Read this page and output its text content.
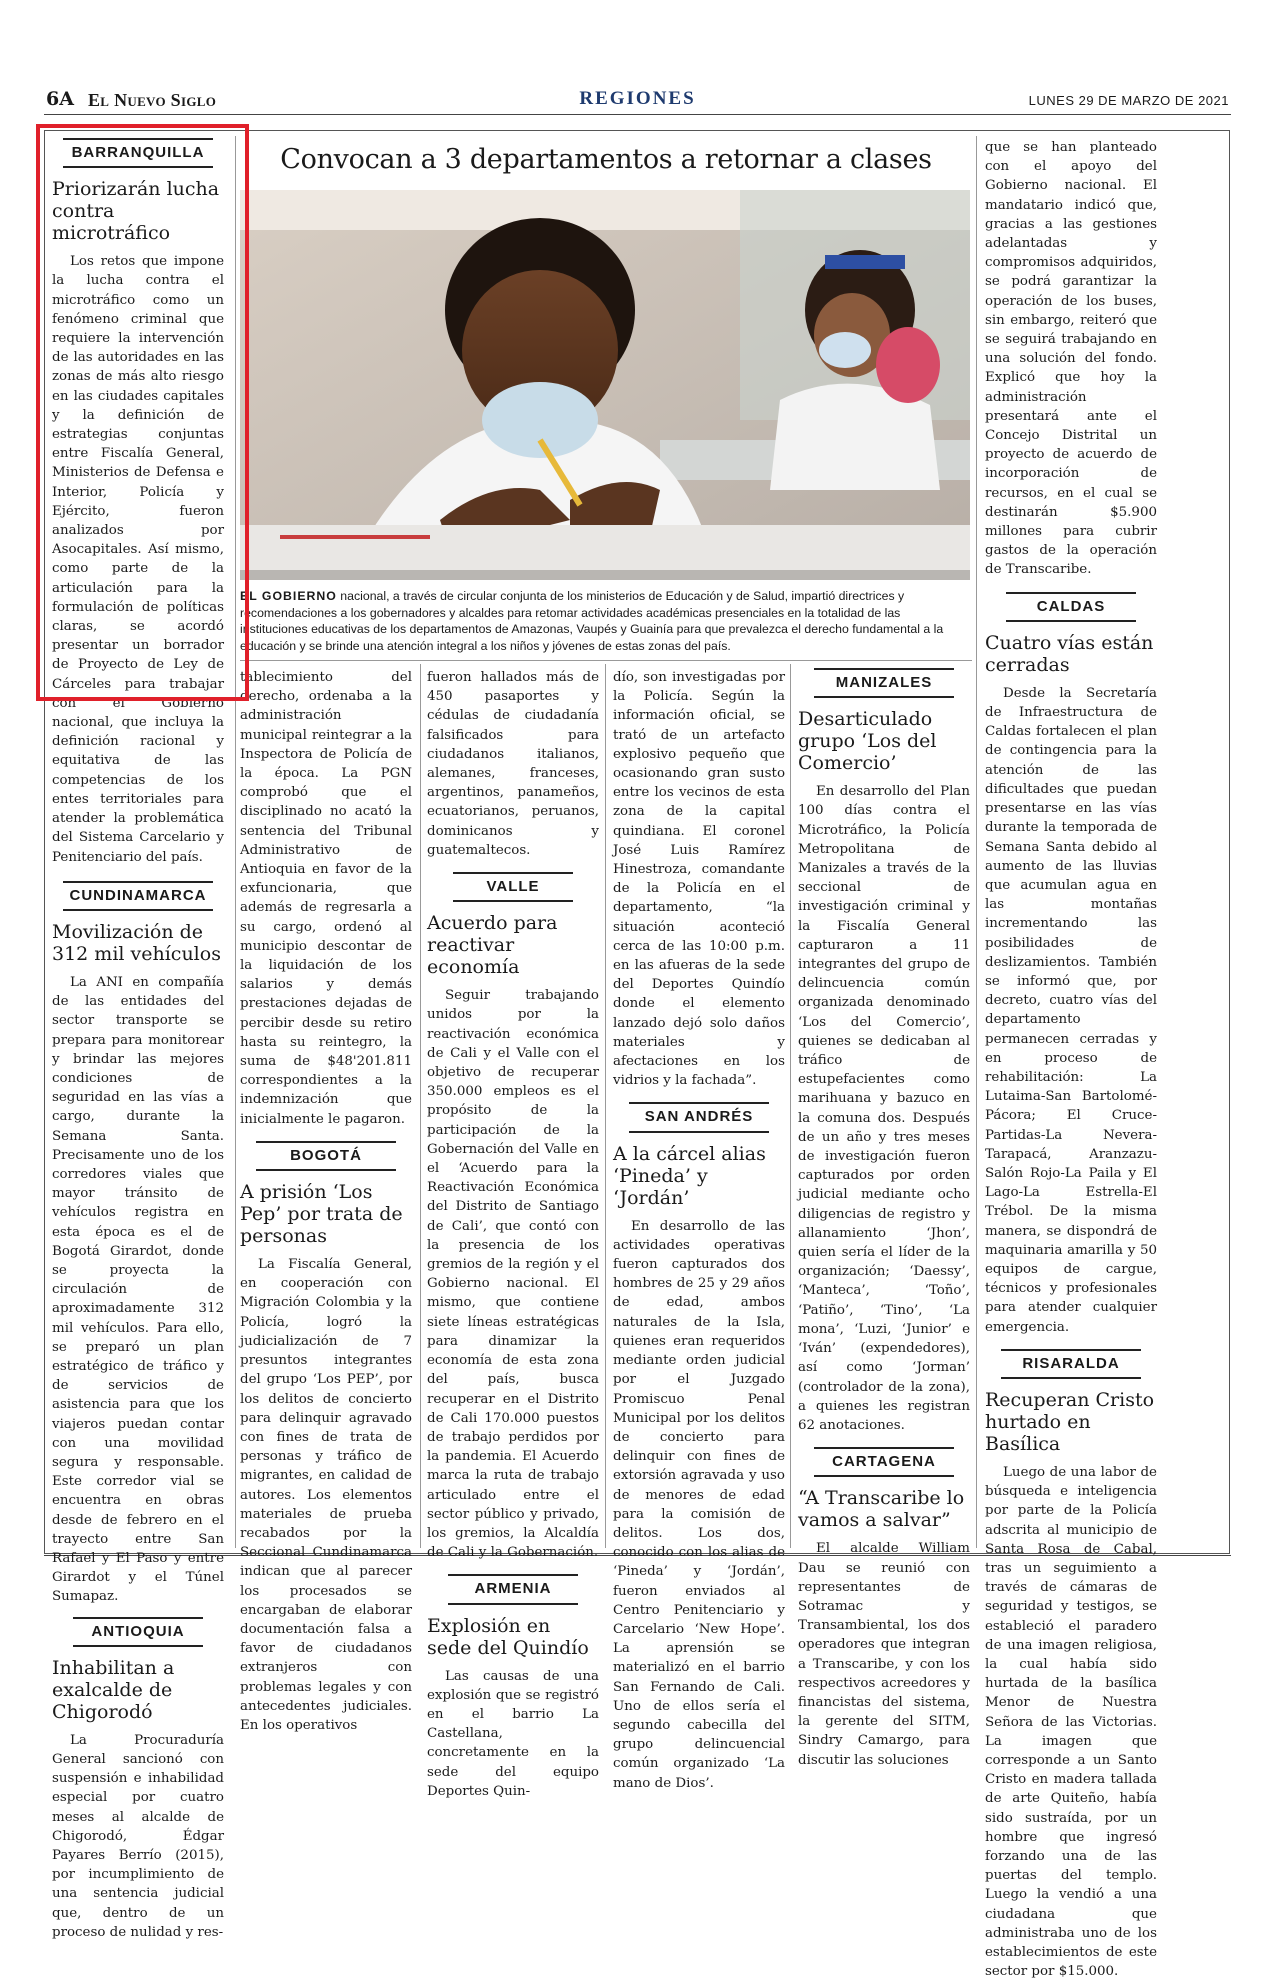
6A El Nuevo Siglo	REGIONES	LUNES 29 DE MARZO DE 2021
Convocan a 3 departamentos a retornar a clases
EL GOBIERNO nacional, a través de circular conjunta de los ministerios de Educación y de Salud, impartió directrices y recomendaciones a los gobernadores y alcaldes para retomar actividades académicas presenciales en la totalidad de las instituciones educativas de los departamentos de Amazonas, Vaupés y Guainía para que prevalezca el derecho fundamental a la educación y se brinde una atención integral a los niños y jóvenes de estas zonas del país.
BARRANQUILLA
Priorizarán lucha contra microtráfico

Los retos que impone la lucha contra el microtráfico como un fenómeno criminal que requiere la intervención de las autoridades en las zonas de más alto riesgo en las ciudades capitales y la definición de estrategias conjuntas entre Fiscalía General, Ministerios de Defensa e Interior, Policía y Ejército, fueron analizados por Asocapitales. Así mismo, como parte de la articulación para la formulación de políticas claras, se acordó presentar un borrador de Proyecto de Ley de Cárceles para trabajar con el Gobierno nacional, que incluya la definición racional y equitativa de las competencias de los entes territoriales para atender la problemática del Sistema Carcelario y Penitenciario del país.

CUNDINAMARCA
Movilización de 312 mil vehículos

La ANI en compañía de las entidades del sector transporte se prepara para monitorear y brindar las mejores condiciones de seguridad en las vías a cargo, durante la Semana Santa. Precisamente uno de los corredores viales que mayor tránsito de vehículos registra en esta época es el de Bogotá Girardot, donde se proyecta la circulación de aproximadamente 312 mil vehículos. Para ello, se preparó un plan estratégico de tráfico y de servicios de asistencia para que los viajeros puedan contar con una movilidad segura y responsable. Este corredor vial se encuentra en obras desde de febrero en el trayecto entre San Rafael y El Paso y entre Girardot y el Túnel Sumapaz.

ANTIOQUIA
Inhabilitan a exalcalde de Chigorodó

La Procuraduría General sancionó con suspensión e inhabilidad especial por cuatro meses al alcalde de Chigorodó, Édgar Payares Berrío (2015), por incumplimiento de una sentencia judicial que, dentro de un proceso de nulidad y res-

tablecimiento del derecho, ordenaba a la administración municipal reintegrar a la Inspectora de Policía de la época. La PGN comprobó que el disciplinado no acató la sentencia del Tribunal Administrativo de Antioquia en favor de la exfuncionaria, que además de regresarla a su cargo, ordenó al municipio descontar de la liquidación de los salarios y demás prestaciones dejadas de percibir desde su retiro hasta su reintegro, la suma de $48'201.811 correspondientes a la indemnización que inicialmente le pagaron.

BOGOTÁ
A prisión ‘Los Pep’ por trata de personas

La Fiscalía General, en cooperación con Migración Colombia y la Policía, logró la judicialización de 7 presuntos integrantes del grupo ‘Los PEP’, por los delitos de concierto para delinquir agravado con fines de trata de personas y tráfico de migrantes, en calidad de autores. Los elementos materiales de prueba recabados por la Seccional Cundinamarca indican que al parecer los procesados se encargaban de elaborar documentación falsa a favor de ciudadanos extranjeros con problemas legales y con antecedentes judiciales. En los operativos

fueron hallados más de 450 pasaportes y cédulas de ciudadanía falsificados para ciudadanos italianos, alemanes, franceses, argentinos, panameños, ecuatorianos, peruanos, dominicanos y guatemaltecos.

VALLE
Acuerdo para reactivar economía

Seguir trabajando unidos por la reactivación económica de Cali y el Valle con el objetivo de recuperar 350.000 empleos es el propósito de la participación de la Gobernación del Valle en el ‘Acuerdo para la Reactivación Económica del Distrito de Santiago de Cali’, que contó con la presencia de los gremios de la región y el Gobierno nacional. El mismo, que contiene siete líneas estratégicas para dinamizar la economía de esta zona del país, busca recuperar en el Distrito de Cali 170.000 puestos de trabajo perdidos por la pandemia. El Acuerdo marca la ruta de trabajo articulado entre el sector público y privado, los gremios, la Alcaldía de Cali y la Gobernación.

ARMENIA
Explosión en sede del Quindío

Las causas de una explosión que se registró en el barrio La Castellana, concretamente en la sede del equipo Deportes Quin-

dío, son investigadas por la Policía. Según la información oficial, se trató de un artefacto explosivo pequeño que ocasionando gran susto entre los vecinos de esta zona de la capital quindiana. El coronel José Luis Ramírez Hinestroza, comandante de la Policía en el departamento, “la situación aconteció cerca de las 10:00 p.m. en las afueras de la sede del Deportes Quindío donde el elemento lanzado dejó solo daños materiales y afectaciones en los vidrios y la fachada”.

SAN ANDRÉS
A la cárcel alias ‘Pineda’ y ‘Jordán’

En desarrollo de las actividades operativas fueron capturados dos hombres de 25 y 29 años de edad, ambos naturales de la Isla, quienes eran requeridos mediante orden judicial por el Juzgado Promiscuo Penal Municipal por los delitos de concierto para delinquir con fines de extorsión agravada y uso de menores de edad para la comisión de delitos. Los dos, conocido con los alias de ‘Pineda’ y ‘Jordán’, fueron enviados al Centro Penitenciario y Carcelario ‘New Hope’. La aprensión se materializó en el barrio San Fernando de Cali. Uno de ellos sería el segundo cabecilla del grupo delincuencial común organizado ‘La mano de Dios’.

MANIZALES
Desarticulado grupo ‘Los del Comercio’

En desarrollo del Plan 100 días contra el Microtráfico, la Policía Metropolitana de Manizales a través de la seccional de investigación criminal y la Fiscalía General capturaron a 11 integrantes del grupo de delincuencia común organizada denominado ‘Los del Comercio’, quienes se dedicaban al tráfico de estupefacientes como marihuana y bazuco en la comuna dos. Después de un año y tres meses de investigación fueron capturados por orden judicial mediante ocho diligencias de registro y allanamiento ‘Jhon’, quien sería el líder de la organización; ‘Daessy’, ‘Manteca’, ‘Toño’, ‘Patiño’, ‘Tino’, ‘La mona’, ‘Luzi, ‘Junior’ e ‘Iván’ (expendedores), así como ‘Jorman’ (controlador de la zona), a quienes les registran 62 anotaciones.

CARTAGENA
“A Transcaribe lo vamos a salvar”

El alcalde William Dau se reunió con representantes de Sotramac y Transambiental, los dos operadores que integran a Transcaribe, y con los respectivos acreedores y financistas del sistema, la gerente del SITM, Sindry Camargo, para discutir las soluciones

que se han planteado con el apoyo del Gobierno nacional. El mandatario indicó que, gracias a las gestiones adelantadas y compromisos adquiridos, se podrá garantizar la operación de los buses, sin embargo, reiteró que se seguirá trabajando en una solución del fondo. Explicó que hoy la administración presentará ante el Concejo Distrital un proyecto de acuerdo de incorporación de recursos, en el cual se destinarán $5.900 millones para cubrir gastos de la operación de Transcaribe.

CALDAS
Cuatro vías están cerradas

Desde la Secretaría de Infraestructura de Caldas fortalecen el plan de contingencia para la atención de las dificultades que puedan presentarse en las vías durante la temporada de Semana Santa debido al aumento de las lluvias que acumulan agua en las montañas incrementando las posibilidades de deslizamientos. También se informó que, por decreto, cuatro vías del departamento permanecen cerradas y en proceso de rehabilitación: La Lutaima-San Bartolomé-Pácora; El Cruce-Partidas-La Nevera-Tarapacá, Aranzazu-Salón Rojo-La Paila y El Lago-La Estrella-El Trébol. De la misma manera, se dispondrá de maquinaria amarilla y 50 equipos de cargue, técnicos y profesionales para atender cualquier emergencia.

RISARALDA
Recuperan Cristo hurtado en Basílica

Luego de una labor de búsqueda e inteligencia por parte de la Policía adscrita al municipio de Santa Rosa de Cabal, tras un seguimiento a través de cámaras de seguridad y testigos, se estableció el paradero de una imagen religiosa, la cual había sido hurtada de la basílica Menor de Nuestra Señora de las Victorias. La imagen que corresponde a un Santo Cristo en madera tallada de arte Quiteño, había sido sustraída, por un hombre que ingresó forzando una de las puertas del templo. Luego la vendió a una ciudadana que administraba uno de los establecimientos de este sector por $15.000.
